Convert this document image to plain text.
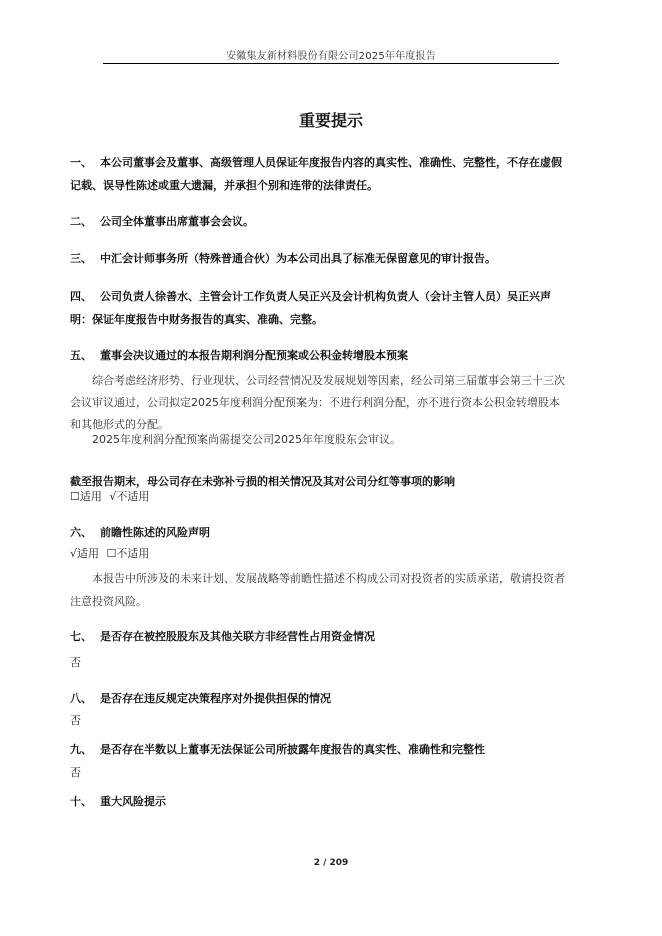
安徽集友新材料股份有限公司2025年年度报告
重要提示
一、 本公司董事会及董事、高级管理人员保证年度报告内容的真实性、准确性、完整性，不存在虚假记载、误导性陈述或重大遗漏，并承担个别和连带的法律责任。
二、 公司全体董事出席董事会会议。
三、 中汇会计师事务所（特殊普通合伙）为本公司出具了标准无保留意见的审计报告。
四、 公司负责人徐善水、主管会计工作负责人吴正兴及会计机构负责人（会计主管人员）吴正兴声明：保证年度报告中财务报告的真实、准确、完整。
五、 董事会决议通过的本报告期利润分配预案或公积金转增股本预案
综合考虑经济形势、行业现状、公司经营情况及发展规划等因素，经公司第三届董事会第三十三次会议审议通过，公司拟定2025年度利润分配预案为：不进行利润分配，亦不进行资本公积金转增股本和其他形式的分配。
2025年度利润分配预案尚需提交公司2025年年度股东会审议。
截至报告期末，母公司存在未弥补亏损的相关情况及其对公司分红等事项的影响
☐适用 √不适用
六、 前瞻性陈述的风险声明
√适用 ☐不适用
本报告中所涉及的未来计划、发展战略等前瞻性描述不构成公司对投资者的实质承诺，敬请投资者注意投资风险。
七、 是否存在被控股股东及其他关联方非经营性占用资金情况
否
八、 是否存在违反规定决策程序对外提供担保的情况
否
九、 是否存在半数以上董事无法保证公司所披露年度报告的真实性、准确性和完整性
否
十、 重大风险提示
2 / 209
